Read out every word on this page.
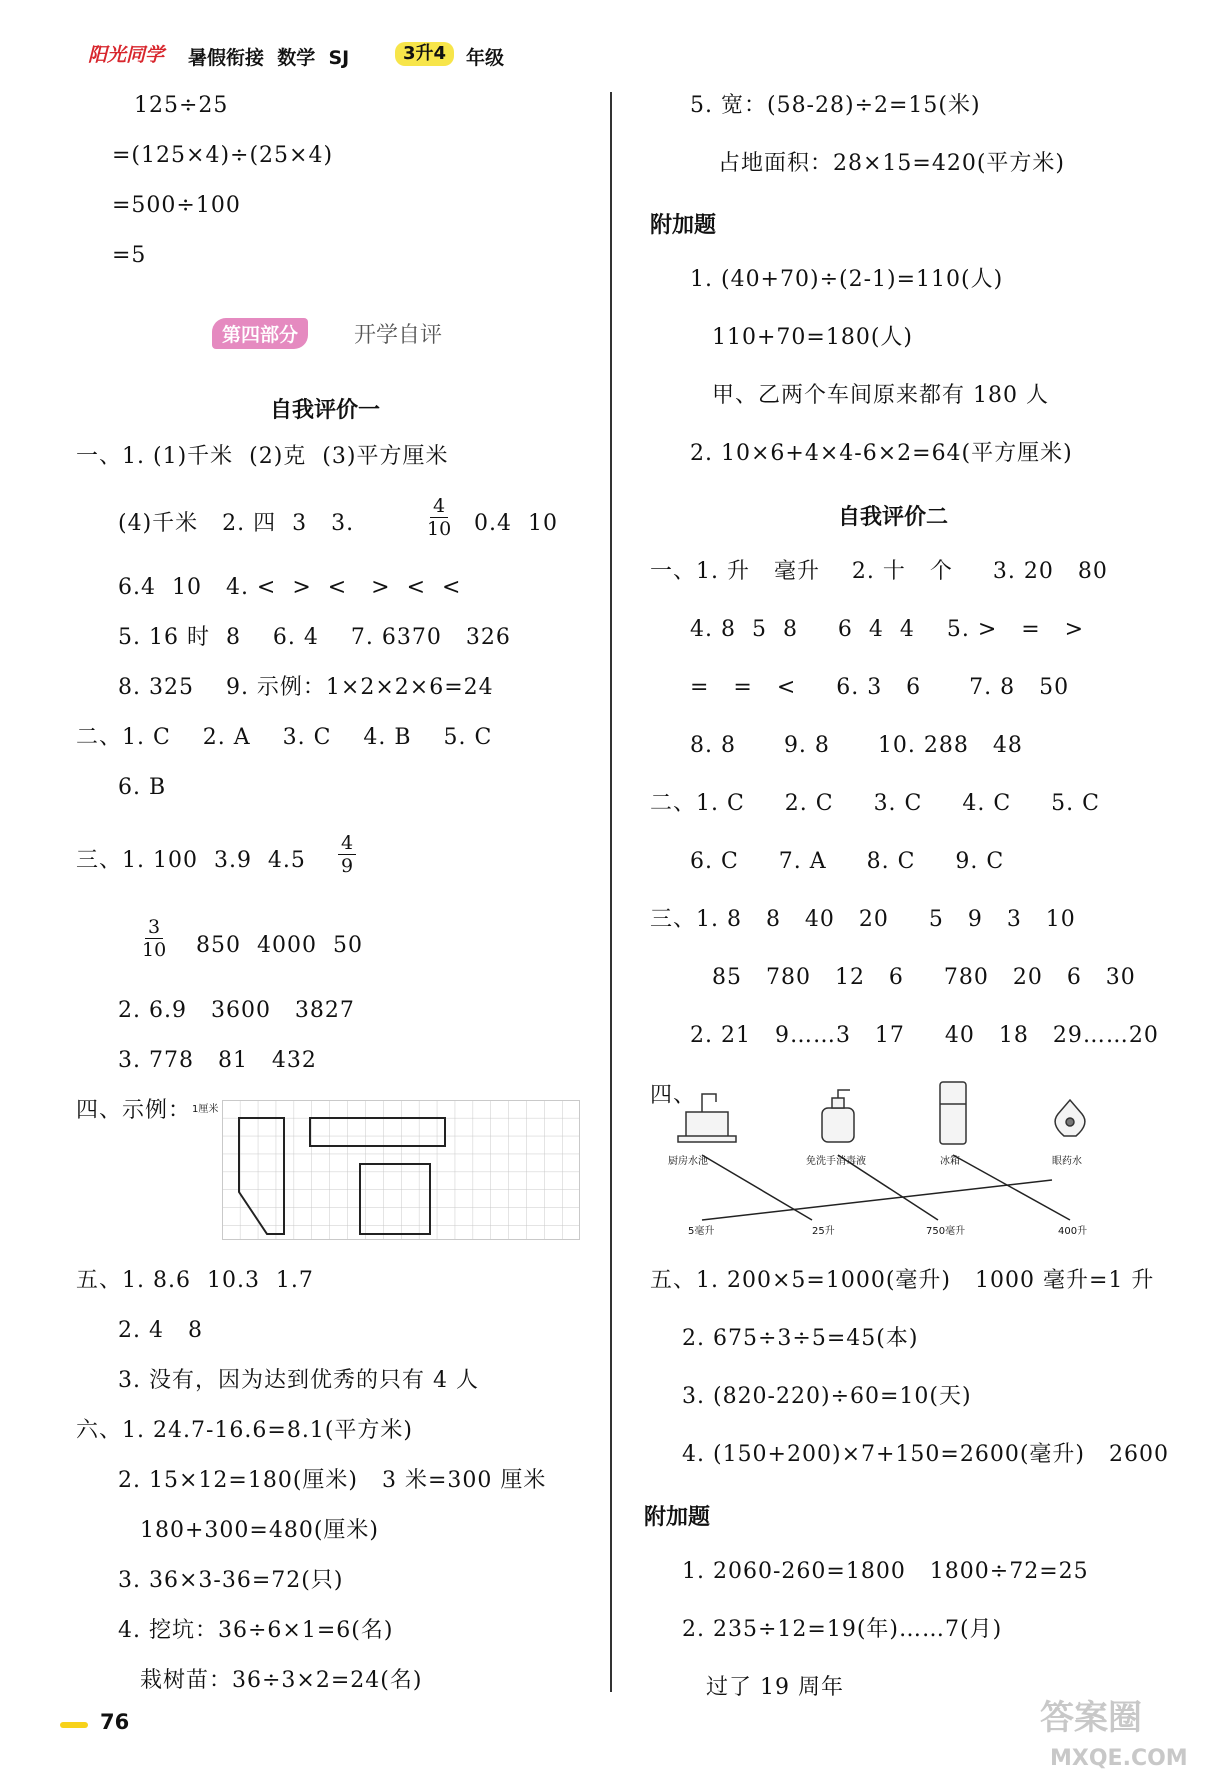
阳光同学 暑假衔接  数学  SJ	3升4	年级
125÷25
=(125×4)÷(25×4)
=500÷100
=5
第四部分	开学自评
自我评价一
一、1. (1)千米  (2)克  (3)平方厘米
(4)千米   2. 四  3   3.	$\frac{4}{10} 0.4$  10
6.4  10   4. <  >  <   >  <  <
5. 16 时  8    6. 4    7. 6370   326
8. 325    9. 示例：1×2×2×6=24
二、1. C    2. A    3. C    4. B    5. C
6. B
三、1. 100  3.9  $4.5 \frac{4}{9}$
$\frac{3}{10} 850$  4000  50
2. 6.9   3600   3827
3. 778   81   432
四、示例： 1厘米
五、1. 8.6  10.3  1.7
2. 4   8
3. 没有，因为达到优秀的只有 4 人
六、1. 24.7-16.6=8.1(平方米)
2. 15×12=180(厘米)   3 米=300 厘米
180+300=480(厘米)
3. 36×3-36=72(只)
4. 挖坑：36÷6×1=6(名)
栽树苗：36÷3×2=24(名)
5. 宽：(58-28)÷2=15(米)
占地面积：28×15=420(平方米)
附加题
1. (40+70)÷(2-1)=110(人)
110+70=180(人)
甲、乙两个车间原来都有 180 人
2. 10×6+4×4-6×2=64(平方厘米)
自我评价二
一、1. 升   毫升    2. 十   个     3. 20   80
4. 8  5  8     6  4  4    5. >   =   >
=   =   <     6. 3   6      7. 8   50
8. 8      9. 8      10. 288   48
二、1. C     2. C     3. C     4. C     5. C
6. C     7. A     8. C     9. C
三、1. 8   8   40   20     5   9   3   10
85   780   12   6     780   20   6   30
2. 21   9……3   17     40   18   29……20
四、
厨房水池	免洗手消毒液	冰箱	眼药水
5毫升	25升	750毫升	400升
五、1. 200×5=1000(毫升)   1000 毫升=1 升
2. 675÷3÷5=45(本)
3. (820-220)÷60=10(天)
4. (150+200)×7+150=2600(毫升)   2600
附加题
1. 2060-260=1800   1800÷72=25
2. 235÷12=19(年)……7(月)
过了 19 周年
76	答案圈
MXQE.COM
